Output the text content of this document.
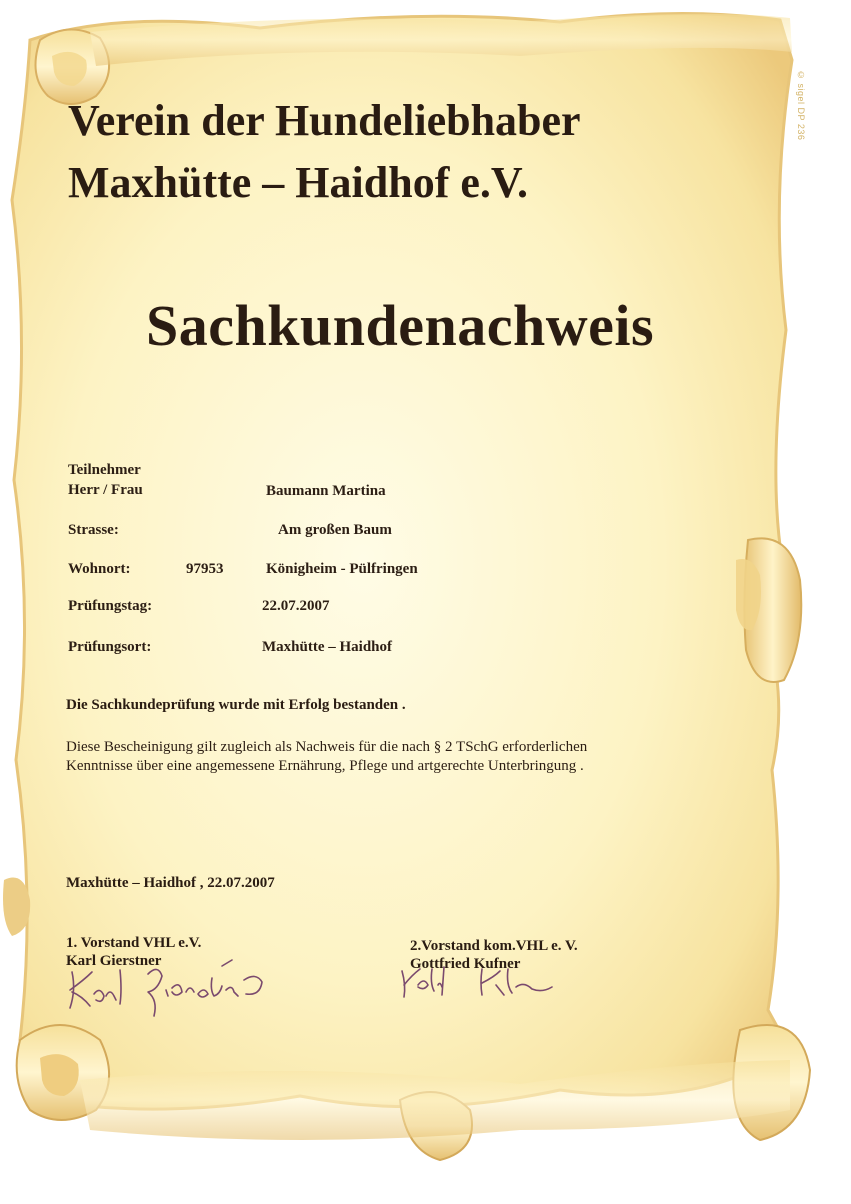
© sigel DP 236
Verein der Hundeliebhaber
Maxhütte – Haidhof e.V.
Sachkundenachweis
Teilnehmer
Herr / Frau	Baumann Martina
Strasse:	Am großen Baum
Wohnort:	97953	Königheim - Pülfringen
Prüfungstag:	22.07.2007
Prüfungsort:	Maxhütte – Haidhof
Die Sachkundeprüfung wurde mit Erfolg bestanden .
Diese Bescheinigung gilt zugleich als Nachweis für die nach § 2 TSchG erforderlichen
Kenntnisse über eine angemessene Ernährung, Pflege und artgerechte Unterbringung .
Maxhütte – Haidhof , 22.07.2007
1. Vorstand VHL e.V.
Karl Gierstner
2.Vorstand kom.VHL e. V.
Gottfried Kufner
